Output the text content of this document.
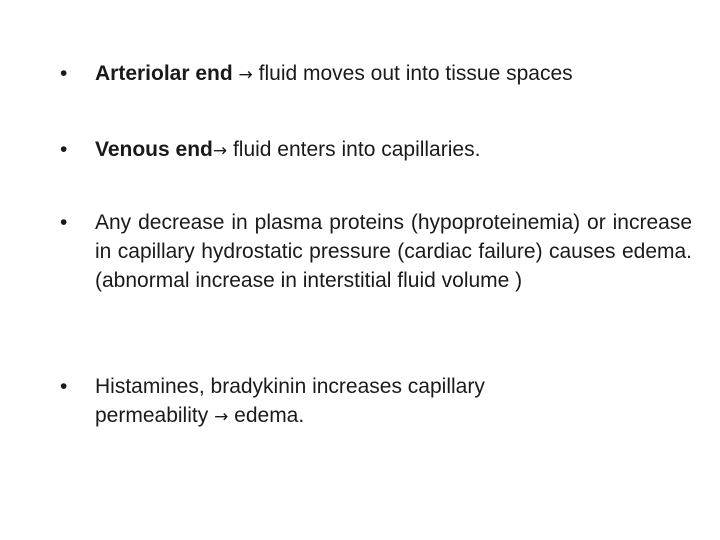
•	Arteriolar end → fluid moves out into tissue spaces
•	Venous end→ fluid enters into capillaries.
•	Any decrease in plasma proteins (hypoproteinemia) or increase in capillary hydrostatic pressure (cardiac failure) causes edema. (abnormal increase in interstitial fluid volume )
•	Histamines, bradykinin increases capillary
permeability → edema.
